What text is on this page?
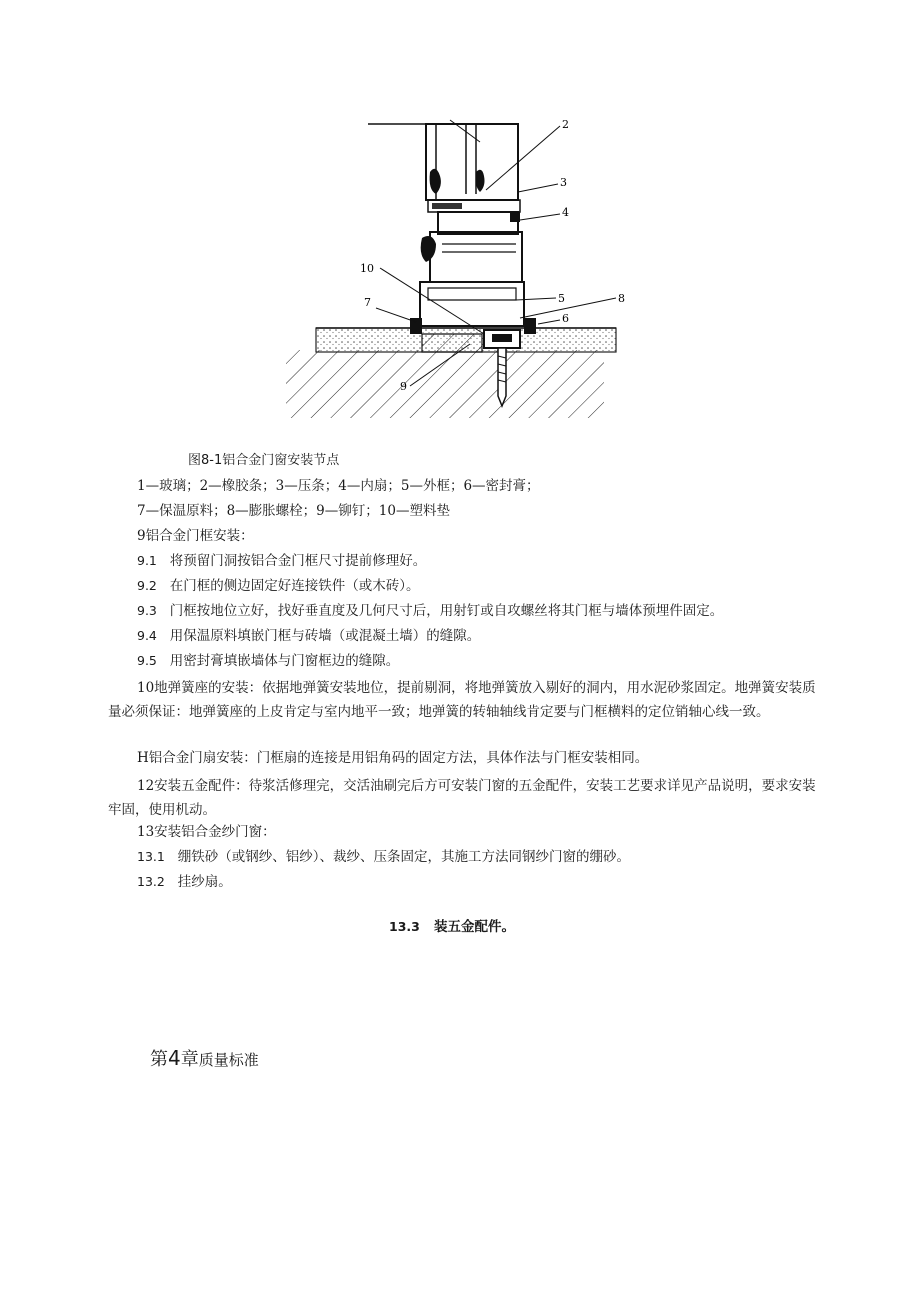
2
3
4
10
5	8
7
6
9
图8-1铝合金门窗安装节点
1—玻璃；2—橡胶条；3—压条；4—内扇；5—外框；6—密封膏；
7—保温原料；8—膨胀螺栓；9—铆钉；10—塑料垫
9铝合金门框安装：
9.1 将预留门洞按铝合金门框尺寸提前修理好。
9.2 在门框的侧边固定好连接铁件（或木砖）。
9.3 门框按地位立好，找好垂直度及几何尺寸后，用射钉或自攻螺丝将其门框与墙体预埋件固定。
9.4 用保温原料填嵌门框与砖墙（或混凝土墙）的缝隙。
9.5 用密封膏填嵌墙体与门窗框边的缝隙。
10地弹簧座的安装：依据地弹簧安装地位，提前剔洞，将地弹簧放入剔好的洞内，用水泥砂浆固定。地弹簧安装质量必须保证：地弹簧座的上皮肯定与室内地平一致；地弹簧的转轴轴线肯定要与门框横料的定位销轴心线一致。
H铝合金门扇安装：门框扇的连接是用铝角码的固定方法，具体作法与门框安装相同。
12安装五金配件：待浆活修理完，交活油刷完后方可安装门窗的五金配件，安装工艺要求详见产品说明，要求安装牢固，使用机动。
13安装铝合金纱门窗：
13.1 绷铁砂（或钢纱、铝纱）、裁纱、压条固定，其施工方法同钢纱门窗的绷砂。
13.2 挂纱扇。
13.3 装五金配件。
第4章质量标准
